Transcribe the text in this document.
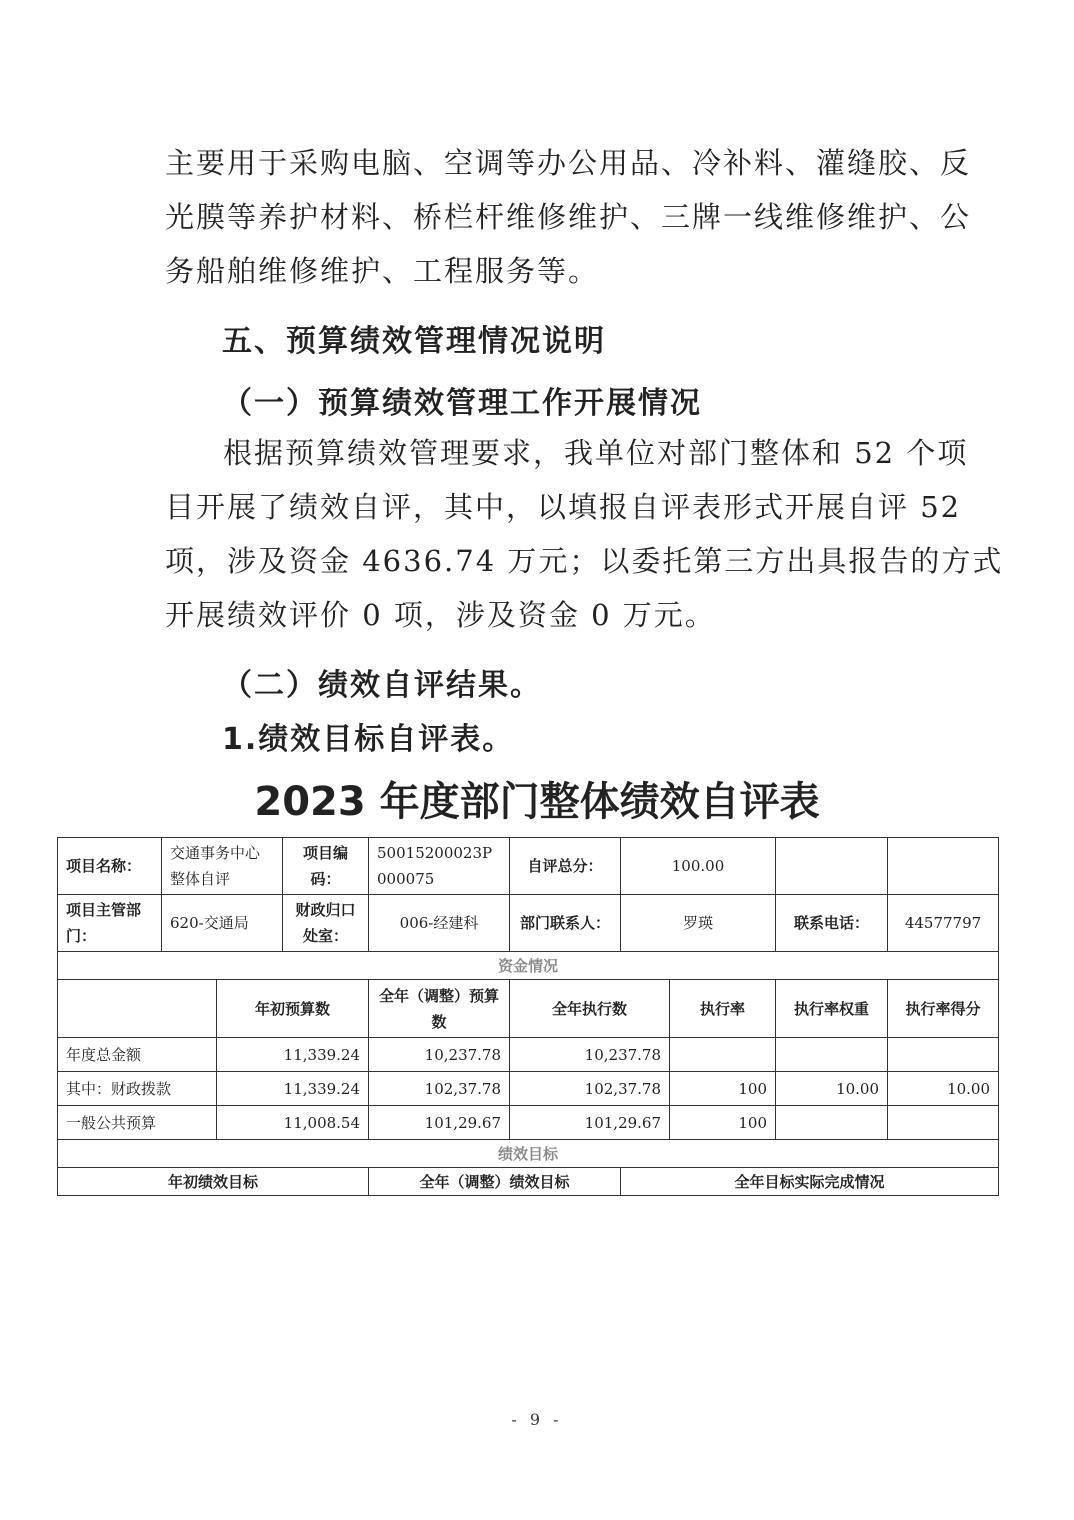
主要用于采购电脑、空调等办公用品、冷补料、灌缝胶、反
光膜等养护材料、桥栏杆维修维护、三牌一线维修维护、公
务船舶维修维护、工程服务等。
五、预算绩效管理情况说明
（一）预算绩效管理工作开展情况
根据预算绩效管理要求，我单位对部门整体和 52 个项
目开展了绩效自评，其中，以填报自评表形式开展自评 52
项，涉及资金 4636.74 万元；以委托第三方出具报告的方式
开展绩效评价 0 项，涉及资金 0 万元。
（二）绩效自评结果。
1.绩效目标自评表。
2023 年度部门整体绩效自评表
项目名称：	交通事务中心整体自评		项目编码：	50015200023P000075	自评总分：	100.00			
项目主管部门：	620-交通局		财政归口处室：	006-经建科	部门联系人：	罗瑛		联系电话：	44577797
资金情况									
		年初预算数		全年（调整）预算数	全年执行数		执行率	执行率权重	执行率得分
年度总金额		11,339.24		10,237.78	10,237.78				
其中：财政拨款		11,339.24		102,37.78	102,37.78		100	10.00	10.00
一般公共预算		11,008.54		101,29.67	101,29.67		100		
绩效目标									
年初绩效目标				全年（调整）绩效目标		全年目标实际完成情况			
- 9 -
